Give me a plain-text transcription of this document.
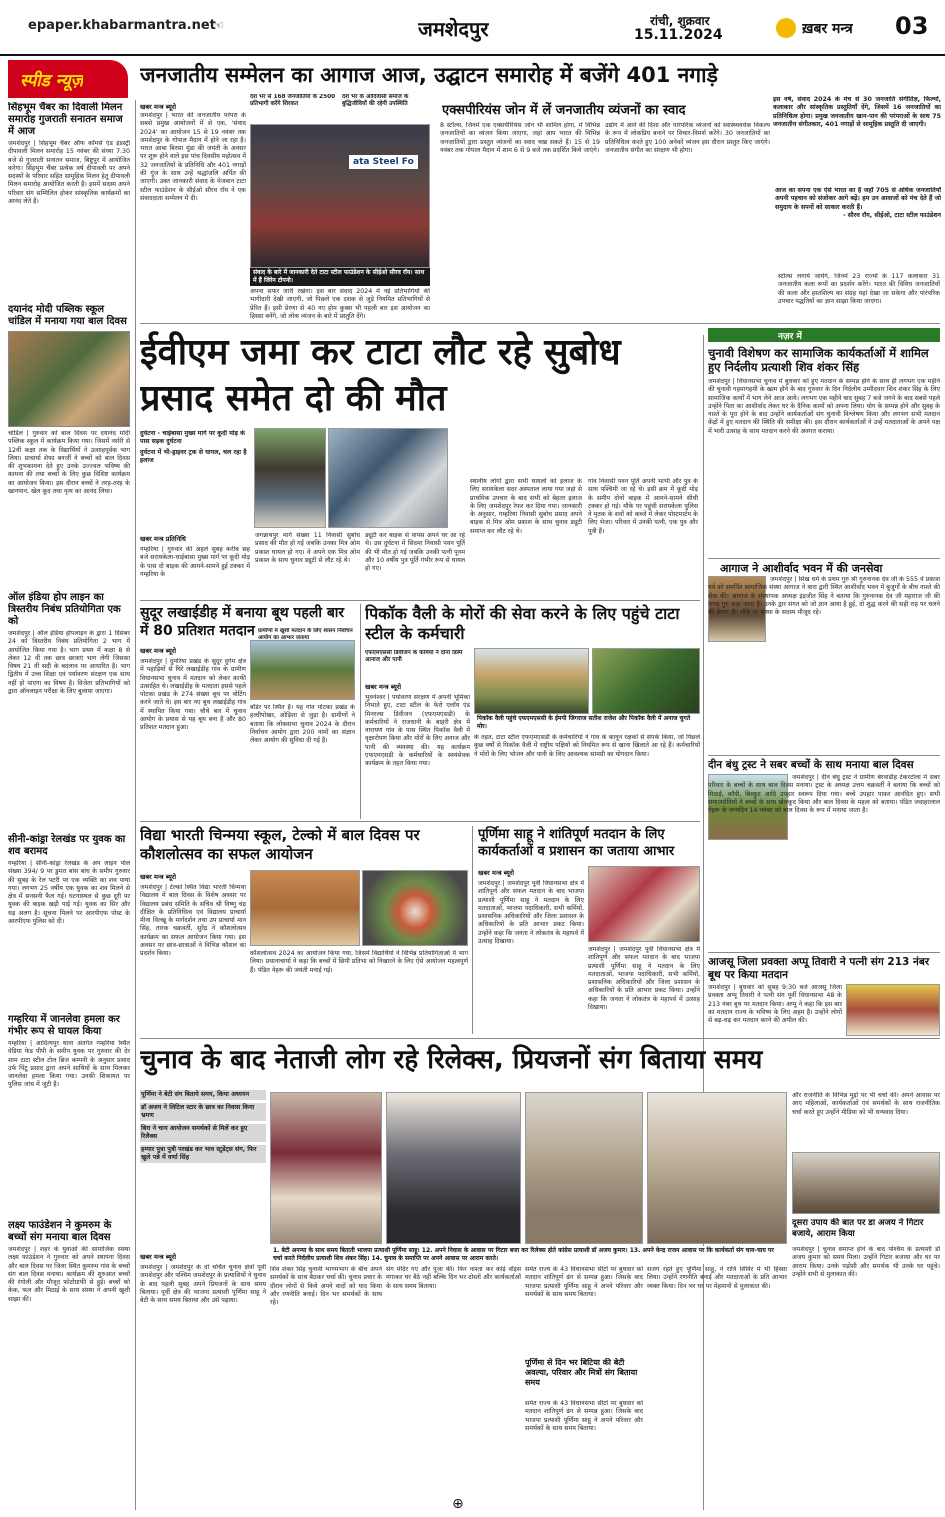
epaper.khabarmantra.net
☜	जमशेदपुर	रांची, शुक्रवार
15.11.2024	ख़बर मन्त्र 03
स्पीड न्यूज़
सिंहभूम चैंबर का दिवाली मिलन समारोह गुजराती सनातन समाज में आज
जमशेदपुर | सिंहभूम चैंबर ऑफ कॉमर्स एंड इंडस्ट्री दीपावली मिलन समारोह 15 नवंबर की संध्या 7.30 बजे से गुजराती सनातन समाज, बिष्टुपुर में आयोजित करेगा। सिंहभूम चैंबर प्रत्येक वर्ष दीपावली पर अपने सदस्यों के परिवार सहित सामूहिक मिलन हेतु दीपावली मिलन समारोह आयोजित करती है। इसमें सदस्य अपने परिवार संग सम्मिलित होकर सांस्कृतिक कार्यक्रमों का आनंद लेते हैं।
दयानंद मोदी पब्लिक स्कूल चांडिल में मनाया गया बाल दिवस
चांडिल | गुरुवार को बाल दिवस पर दयानंद मोदी पब्लिक स्कूल में कार्यक्रम किया गया। जिसमें नर्सरी से 12वीं कक्षा तक के विद्यार्थियों ने उत्साहपूर्वक भाग लिया। प्राचार्या शेफा बनर्जी ने बच्चों को बाल दिवस की शुभकामना देते हुए उनके उज्ज्वल भविष्य की कामना की तथा बच्चों के लिए कुछ विशिष्ट कार्यक्रम का आयोजन किया। इस दौरान बच्चों ने तरह-तरह के खानपान, खेल कूद तथा नृत्य का आनंद लिया।
ऑल इंडिया होप लाइन का त्रिस्तरीय निबंध प्रतियोगिता एक को
जमशेदपुर | ऑल इंडिया होपलाइन के द्वारा 1 दिसंबर 24 को त्रिस्तरीय निबंध प्रतियोगिता 2 भाग में आयोजित किया गया है। भाग प्रथम में कक्षा 8 से लेकर 12 वीं तक छात्र छात्राएं भाग लेंगी जिसका विषय 21 वीं सदी के बदलाव पर आधारित है। भाग द्वितीय में उच्च शिक्षा एवं पर्यावरण संरक्षण एक साथ नहीं हो पाएगा का विषय है। विजेता प्रतिभागियों को द्वारा ऑनलाइन परीक्षा के लिए बुलाया जाएगा।
सीनी-कांड्रा रेलखंड पर युवक का शव बरामद
गम्हरिया | सीनी-कांड्रा रेलखंड के अप लाइन पोल संख्या 394/ 9 पर डुमरा बांस बांध के समीप गुरुवार की सुबह के रेल पटरी पर एक व्यक्ति का शव पाया गया। लगभग 25 वर्षीय एक युवक का शव मिलने से क्षेत्र में सनसनी फैल गई। घटनास्थल से कुछ दूरी पर युवक की बाइक खड़ी पाई गई। युवक का सिर और धड़ अलग है। सूचना मिलने पर आरपीएफ पोस्ट के आरपीएफ पुलिस को दी।
गम्हरिया में जानलेवा हमला कर गंभीर रूप से घायल किया
गम्हरिया | आदित्यपुर थाना अंतर्गत गम्हरिया स्थित वेडिया फेड पीपी के समीप युवक पर गुरुवार की देर शाम टाटा स्टील टोल ब्रिज कम्पनी के अनुसार प्रसाद उर्फ पिंटू प्रसाद द्वारा अपने साथियों के साथ मिलकर जानलेवा हमला किया गया। उनकी शिकायत पर पुलिस जांच में जुटी है।
लक्ष्य फाउंडेशन ने कुमरुम के बच्चों संग मनाया बाल दिवस
जमशेदपुर | शहर के युवाओं की सामाजिक संस्था लक्ष्य फाउंडेशन ने गुरुवार को अपने स्थापना दिवस और बाल दिवस पर जिला स्थित कुमरुम गांव के बच्चों संग बाल दिवस मनाया। कार्यक्रम की शुरुआत बच्चों की रंगोली और मौजूद फोटोग्राफी से हुई। बच्चों को केक, फल और मिठाई के साथ संस्था ने अपनी खुशी साझा की।
जनजातीय सम्मेलन का आगाज आज, उद्घाटन समारोह में बजेंगे 401 नगाड़े
देश भर से 168 जनजातियों के 2500 प्रतिभागी करेंगे शिरकत
देश भर के आदिवासी समाज के बुद्धिजीवियों की रहेगी उपस्थिति	एक्सपीरियंस जोन में लें जनजातीय व्यंजनों का स्वाद
ata Steel Fo
संवाद के बारे में जानकारी देते टाटा स्टील फाउंडेशन के सीईओ सौरव रॉय। साथ में हैं जिरेन टोपनो।
इस वर्ष, संवाद 2024 के मंच से 30 जनजाति संगीतिज्ञ, फिल्मों, कलाकार और सांस्कृतिक प्रस्तुतियाँ देंगे, जिसमें 16 जनजातियों का प्रतिनिधित्व होगा। प्रमुख जनजातीय खान-पान की परंपराओं के साथ 75 जनजातीय संगीतकार, 401 नगाड़ों से सामूहिक प्रस्तुति दी जाएगी।
आज का सपना एक ऐसे भारत का है जहाँ 705 से अधिक जनजातियाँ अपनी पहचान को संजोकर आगे बढ़ें। हम उन आवाजों को मंच देते हैं जो समुदाय के सपनों को साकार करती हैं।
- सौरव रॉय, सीईओ, टाटा स्टील फाउंडेशन
खबर मन्त्र ब्यूरो
जमशेदपुर | भारत की जनजातीय परंपरा के सबसे प्रमुख आयोजनों में से एक, 'संवाद 2024' का आयोजन 15 से 19 नवंबर तक जमशेदपुर के गोपाल मैदान में होने जा रहा है। भारत आबा बिरसा मुंडा की जयंती के अवसर पर शुरू होने वाले इस पांच दिवसीय महोत्सव में 32 जनजातियों के प्रतिनिधि और 401 नगाड़ों की गूंज के साथ उन्हें श्रद्धांजलि अर्पित की जाएगी। उक्त जानकारी संवाद के मेजबान टाटा स्टील फाउंडेशन के सीईओ सौरव रॉय ने एक संवाददाता सम्मेलन में दी।
अपना सफर जारी रखेगा। इस बार संवाद 2024 में नई प्रतिभागियों की भागीदारी देखी जाएगी, जो पिछले एक दशक से जुड़े नियमित प्रतिभागियों से प्रेरित हैं। इसी प्रेरणा से 40 नए होम कुक्स भी पहली बार इस आयोजन का हिस्सा बनेंगे, जो लोक व्यंजन के बारे में प्रस्तुति देंगे।
8 स्टॉल्स, जिनमें एक एक्सपीरियंस जोन भी शामिल होगा, में विभिन्न जनजातियों का व्यंजन किया जाएगा, जहां आप भारत की विभिन्न जनजातियों द्वारा प्रस्तुत व्यंजनों का स्वाद चख सकते हैं। 15 से 19 नवंबर तक गोपाल मैदान में शाम 6 से 9 बजे तक प्रदर्शित किये जाएंगे।
उद्योग में आने की दिशा और पारंपरिक व्यंजनों को स्वास्थ्यवर्धक विकल्प के रूप में लोकप्रिय बनाने पर विचार-विमर्श करेंगे। 30 जनजातियों का प्रतिनिधित्व करते हुए 100 अनेकों व्यंजन इस दौरान प्रस्तुत किए जाएंगे। जनजातीय संगीत का संरक्षण भी होगा।
स्टॉल्स लगाये जायेंगे, जिनमें 23 राज्यों के 117 कलाकार 31 जनजातीय कला रूपों का प्रदर्शन करेंगे। भारत की विविध जनजातियों की कला और हस्तशिल्प का संग्रह यहां देखा जा सकेगा और पारंपरिक उपचार पद्धतियों का ज्ञान साझा किया जाएगा।
ईवीएम जमा कर टाटा लौट रहे सुबोध प्रसाद समेत दो की मौत
दुर्घटना - चाईबासा मुख्य मार्ग पर कूदी मोड़ के पास सड़क दुर्घटना
दुर्घटना में भी-ड्राइवर ट्रक से घायल, चल रहा है इलाज
खबर मन्त्र प्रतिनिधि
गम्हरिया | गुरुवार की अहले सुबह करीब छह बजे सरायकेला-चाईबासा मुख्य मार्ग पर कूदी मोड़ के पास दो बाइक की आमने-सामने हुई टक्कर में गम्हरिया के
जगन्नाथपुर मार्ग संख्या 11 निवासी सुबोध प्रसाद की मौत हो गई जबकि उनका मित्र ओम प्रकाश घायल हो गए। वे अपने एक मित्र ओम प्रकाश के साथ चुनाव ड्यूटी से लौट रहे थे।
ड्यूटी कर बाइक से वापस अपने घर आ रहे थे। उस दुर्घटना में सिदमा निवासी पवन पूर्ति की भी मौत हो गई जबकि उनकी पत्नी पूनम और 10 वर्षीय पुत्र पूर्ति गंभीर रूप से घायल हो गए।
स्थानीय लोगों द्वारा सभी घायलों को इलाज के लिए सरायकेला सदर अस्पताल लाया गया जहां से प्राथमिक उपचार के बाद सभी को बेहतर इलाज के लिए जमशेदपुर रेफर कर दिया गया। जानकारी के अनुसार, गम्हरिया निवासी सुबोध प्रसाद अपने बाइक से मित्र ओम प्रकाश के साथ चुनाव ड्यूटी समाप्त कर लौट रहे थे।
गांव निवासी पवन पूर्ति अपनी भाभी और पुत्र के साथ पश्चिमी जा रहे थे। इसी क्रम में कूदी मोड़ के समीप दोनों बाइक में आमने-सामने सीधी टक्कर हो गई। मौके पर पहुंची सरायकेला पुलिस ने मृतक के शवों को कब्जे में लेकर पोस्टमार्टम के लिए भेजा। परिवार में उनकी पत्नी, एक पुत्र और पुत्री हैं।
नज़र में
चुनावी विशेषण कर सामाजिक कार्यकर्ताओं में शामिल हुए निर्दलीय प्रत्याशी शिव शंकर सिंह
जमशेदपुर | विधानसभा चुनाव में बुधवार को हुए मतदान के सम्पन्न होने के साथ ही लगभग एक महीने की चुनावी गहमागहमी के खत्म होने के बाद गुरुवार के दिन निर्दलीय उम्मीदवार शिव शंकर सिंह के लिए सामाजिक कार्यों में भाग लेने आज आये। लगभग एक महीने बाद सुबह 7 बजे जगने के बाद सबसे पहले उन्होंने पिता का आशीर्वाद लेकर घर के दैनिक कामों को अपना लिया। योग के सम्पन्न होने और सुबह के नाश्ते के पूरा होने के बाद उन्होंने कार्यकर्ताओं संग चुनावी विश्लेषण किया और लगभग सभी मतदान केंद्रों में हुए मतदान की स्थिति की समीक्षा की। इस दौरान कार्यकर्ताओं ने उन्हें मतदाताओं के अपने पक्ष में भारी उत्साह के साथ मतदान करने की अवगत कराया।
आगाज ने आशीर्वाद भवन में की जनसेवा
जमशेदपुर | सिख धर्म के प्रथम गुरु श्री गुरुनानक देव जी के 555 वें प्रकाश पर्व को समर्पित सामाजिक संस्था आगाज ने बारा द्वारी स्थित आशीर्वाद भवन में बुजुर्गों के बीच नाश्ते की सेवा की। आगाज के संस्थापक अध्यक्ष इंद्रजीत सिंह ने बताया कि गुरुनानक देव जी महाराज जी की जगह गुरु कहा जाता है। उनके द्वार संगत को जो ज्ञान आया है हुई, दो शुद्ध करने की सही राह पर चलने की प्रेरणा दी। मौके पर संस्था के सदस्य मौजूद रहे।
दीन बंधु ट्रस्ट ने सबर बच्चों के साथ मनाया बाल दिवस
जमशेदपुर | दीन बंधु ट्रस्ट ने ग्रामीण बेरवाडीह टेकरटोला में सबर परिवार के बच्चों के साथ बाल दिवस मनाया। ट्रस्ट के अध्यक्ष उत्तम चक्रवर्ती ने बताया कि बच्चों को मिठाई, कॉपी, बिस्कुट आदि उपहार स्वरूप दिया गया। बच्चे उपहार पाकर आनंदित हुए। सभी समाजसेवियों ने बच्चों के साथ खेलकूद किया और बाल दिवस के महत्व को बताया। पंडित जवाहरलाल नेहरू के जन्मदिन 14 नवंबर को बाल दिवस के रूप में मनाया जाता है।
सुदूर लखाईडीह में बनाया बूथ पहली बार में 80 प्रतिशत मतदान ग्रामीणों में खुशी मतदान के लिए शासन निर्वाचन आयोग का आभार जताया
खबर मन्त्र ब्यूरो
जमशेदपुर | दुमरिया प्रखंड के सुदूर दुर्गम क्षेत्र में पहाड़ियों से घिरे लखाईडीह गांव के ग्रामीण विधानसभा चुनाव में मतदान को लेकर काफी उत्साहित थे। लखाईडीह के मतदाता इससे पहले पोटका प्रखंड के 274 संख्या बूथ पर वोटिंग करने जाते थे। इस बार नए बूथ लखाईडीह गांव में स्थापित किया गया। चौथे बार में चुनाव आयोग के प्रयास से यह बूथ बना है और 80 प्रतिशत मतदान हुआ।
बॉर्डर पर स्थित है। यह गांव पोटका प्रखंड के हल्दीपोखर, ओड़िशा से जुड़ा है। ग्रामीणों ने बताया कि लोकसभा चुनाव 2024 के दौरान निर्वाचन आयोग द्वारा 200 नामों का संज्ञान लेकर आयोग की सुविधा दी गई है।
पिकॉक वैली के मोरों की सेवा करने के लिए पहुंचे टाटा स्टील के कर्मचारी
एफएमएससी डिवीजन के कर्मियों ने दाना डिस्पे आनाज और पानी
पिकॉक वैली पहुंचे एफएमएससी के ईमपी जिगराज सतीश राजेश और पिकॉक वैली में अनाज चुगते मोर।
खबर मन्त्र ब्यूरो
भुवनेश्वर | पर्यावरण संरक्षण में अपनी भूमिका निभाते हुए, टाटा स्टील के फेरो एलॉय एंड मिनरल्स डिवीजन (एफएमएसडी) के कर्मचारियों ने राजधानी के बाहरी क्षेत्र में नारायण गांव के पास स्थित पिकॉक वैली में वृक्षारोपण किया और मोरों के लिए अनाज और पानी की व्यवस्था की। यह कार्यक्रम एफएमएसडी के कर्मचारियों के स्वयंसेवक कार्यक्रम के तहत किया गया।
के तहत, टाटा स्टील एफएमएसडी के कर्मचारियों ने गांव के कानून रक्षकों से संपर्क किया, जो पिछले कुछ वर्षों से पिकॉक वैली में राष्ट्रीय पक्षियों को नियमित रूप से खाना खिलाते आ रहे हैं। कर्मचारियों ने मोरों के लिए भोजन और पानी के लिए आवश्यक सामग्री का योगदान किया।
विद्या भारती चिन्मया स्कूल, टेल्को में बाल दिवस पर कौशलोत्सव का सफल आयोजन
खबर मन्त्र ब्यूरो
जमशेदपुर | टेल्को स्थित विद्या भारती चिन्मया विद्यालय में बाल दिवस के विशेष अवसर पर विद्यालय प्रबंध समिति के सचिव श्री विष्णु चंद्र दीक्षित के प्रतिनिधित्व एवं विद्यालय प्राचार्या मीना विल्खू के मार्गदर्शन तथा उप प्राचार्या मान सिंह, तारक चक्रवर्ती, सुरेंद्र ने कौशलोत्सव कार्यक्रम का सफल आयोजन किया गया। इस अवसर पर छात्र-छात्राओं ने विभिन्न कौशल का प्रदर्शन किया।	कौशलोत्सव 2024 का आयोजन किया गया, जिसमें विद्यार्थियों ने विभिन्न प्रतियोगिताओं में भाग लिया। प्रधानाचार्या ने कहा कि बच्चों में छिपी प्रतिभा को निखारने के लिए ऐसे आयोजन महत्वपूर्ण हैं। पंडित नेहरू की जयंती मनाई गई।
पूर्णिमा साहू ने शांतिपूर्ण मतदान के लिए कार्यकर्ताओं व प्रशासन का जताया आभार
खबर मन्त्र ब्यूरो
जमशेदपुर | जमशेदपुर पूर्वी विधानसभा क्षेत्र में शांतिपूर्ण और सफल मतदान के बाद भाजपा प्रत्याशी पूर्णिमा साहू ने मतदान के लिए मतदाताओं, भाजपा पदाधिकारी, सभी कर्मियों, प्रशासनिक अधिकारियों और जिला प्रशासन के अधिकारियों के प्रति आभार प्रकट किया। उन्होंने कहा कि जनता ने लोकतंत्र के महापर्व में उत्साह दिखाया।
जमशेदपुर | जमशेदपुर पूर्वी विधानसभा क्षेत्र में शांतिपूर्ण और सफल मतदान के बाद भाजपा प्रत्याशी पूर्णिमा साहू ने मतदान के लिए मतदाताओं, भाजपा पदाधिकारी, सभी कर्मियों, प्रशासनिक अधिकारियों और जिला प्रशासन के अधिकारियों के प्रति आभार प्रकट किया। उन्होंने कहा कि जनता ने लोकतंत्र के महापर्व में उत्साह दिखाया।
आजसू जिला प्रवक्ता अप्पू तिवारी ने पत्नी संग 213 नंबर बूथ पर किया मतदान
जमशेदपुर | बुधवार को सुबह 9:30 बजे आजसू जिला प्रवक्ता अप्पू तिवारी ने पत्नी संग पूर्वी विधानसभा 48 के 213 नंबर बूथ पर मतदान किया। अप्पू ने कहा कि इस बार का मतदान राज्य के भविष्य के लिए अहम है। उन्होंने लोगों से बढ़-चढ़ कर मतदान करने की अपील की।
चुनाव के बाद नेताजी लोग रहे रिलेक्स, प्रियजनों संग बिताया समय
पूर्णिमा ने बेटी संग बिताये समय, किया अध्ययन
डॉ अजय ने लिटिल स्टार के छात्र का निवास किया भ्रमण
बिरा ने चाय आयोजन समर्थकों से मिलें कर हुए रिलैक्स
हम्मार पुत्रा पुत्री परखंड कर भाव स्टूडेंट्स संग, फिर खुले पन्ने में वर्णा सिंह
1. बेटी अनन्या के साथ समय बिताती भाजपा प्रत्याशी पूर्णिमा साहू। 12. अपने निवास के आवास पर गिटार बजा कर रिलेक्स होते कांग्रेस प्रत्याशी डॉ अजय कुमार। 13. अपने केन्द्र राजन आवास पर कि कार्यकर्ता संग चाय-चाय पर चर्चा करते निर्दलीय प्रत्याशी शिव शंकर सिंह। 14. चुनाव के समाप्ति पर अपने आवास पर आराम करते।
खबर मन्त्र ब्यूरो
जमशेदपुर | जमशेदपुर के दो चर्चित चुनाव क्षेत्रों पूर्वी जमशेदपुर और पश्चिम जमशेदपुर के प्रत्याशियों ने चुनाव के बाद पहली सुबह अपने प्रियजनों के साथ समय बिताया। पूर्वी क्षेत्र की भाजपा प्रत्याशी पूर्णिमा साहू ने बेटी के साथ समय बिताया और उसे पढ़ाया।
शिव शंकर सिंह चुनावी भागमभाग के बीच अपने समर्थकों के साथ बैठकर चर्चा की। चुनाव प्रचार के दौरान लोगों से किये अपने वादों को याद किया और रणनीति बनाई। दिन भर समर्थकों के साथ रहे।
संग मंदिर गए और पूजा की। फिर नाश्ता कर कोई वॉइस मंगाकर घर बैठे नहीं बल्कि दिन भर दोस्तों और कार्यकर्ताओं के साथ समय बिताया।
समेत राज्य के 43 विधानसभा सीटों पर बुधवार को मतदान शांतिपूर्ण ढंग से सम्पन्न हुआ। जिसके बाद भाजपा प्रत्याशी पूर्णिमा साहू ने अपने परिवार और समर्थकों के साथ समय बिताया।
पूर्णिमा से दिन भर बिटिया की बेटी अवल्या, परिवार और मित्रों संग बिताया समय
समेत राज्य के 43 विधानसभा सीटों पर बुधवार को मतदान शांतिपूर्ण ढंग से सम्पन्न हुआ। जिसके बाद भाजपा प्रत्याशी पूर्णिमा साहू ने अपने परिवार और समर्थकों के साथ समय बिताया।
सजग रहते हुए पूर्णिमा साहू, ने रात्रि शिविर में भी हिस्सा लिया। उन्होंने रणनीति बनाई और मतदाताओं के प्रति आभार व्यक्त किया। दिन भर घर पर मेहमानों से मुलाकात की।
और राजनीति के विभिन्न मुद्दों पर भी चर्चा की। अपने आवास पर आए महिलाओं, कार्यकर्ताओं एवं समर्थकों के साथ राजनीतिक चर्चा करते हुए उन्होंने मीडिया को भी धन्यवाद दिया।
दूसरा उपाय की बात पर डा अजय ने गिटार बजाये, आराम किया
जमशेदपुर | चुनाव समाप्त होने के बाद पश्चिम के प्रत्याशी डॉ अजय कुमार को समय मिला। उन्होंने गिटार बजाया और घर पर आराम किया। उनके पड़ोसी और समर्थक भी उनके घर पहुंचे। उन्होंने सभी से मुलाकात की।
⊕
